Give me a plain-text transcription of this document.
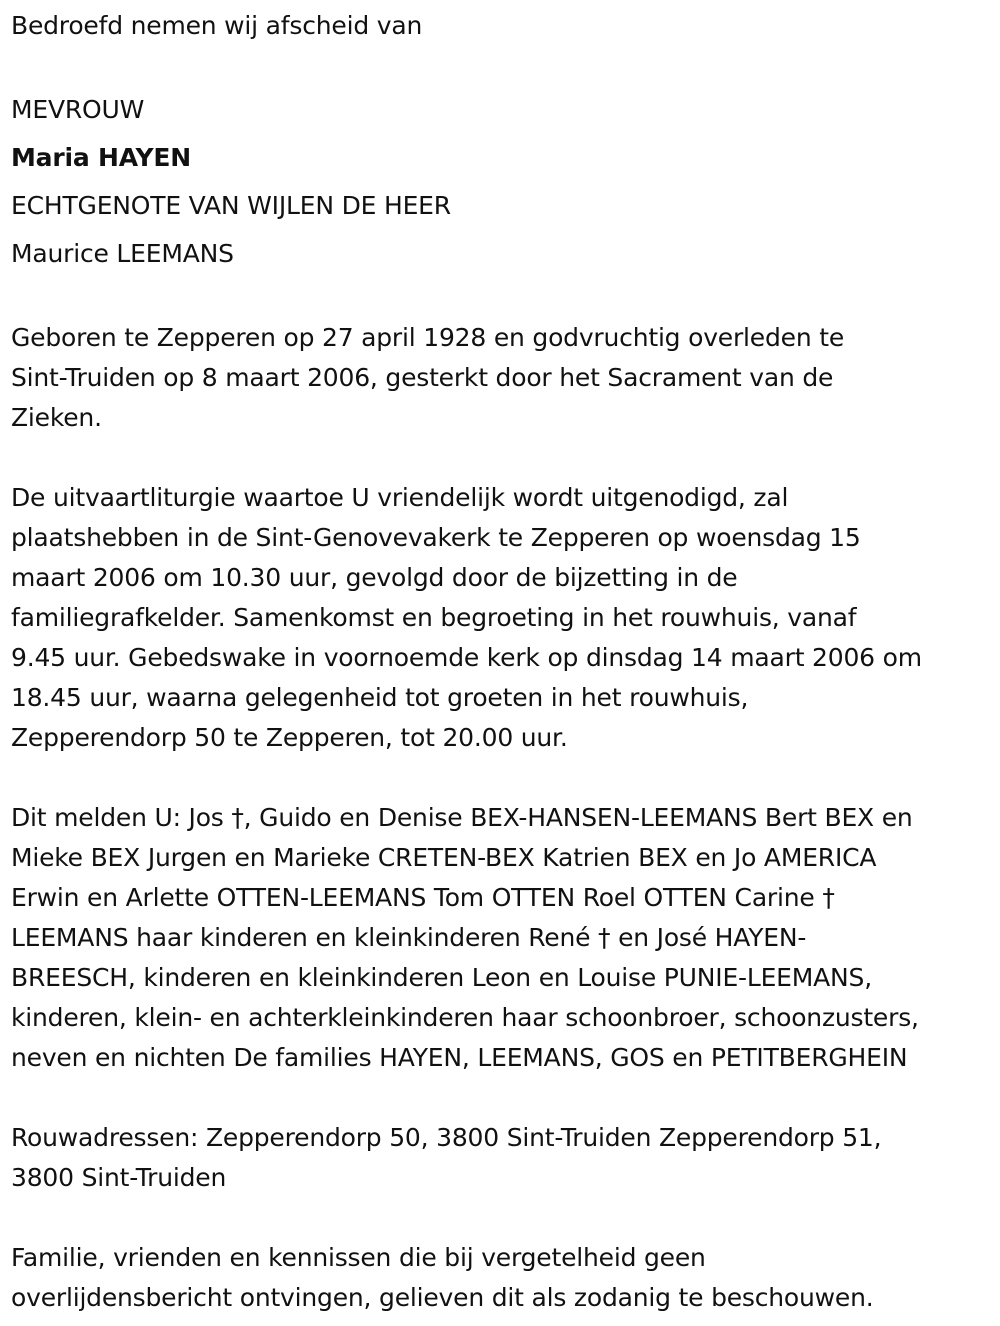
Bedroefd nemen wij afscheid van
MEVROUW
Maria HAYEN
ECHTGENOTE VAN WIJLEN DE HEER
Maurice LEEMANS
Geboren te Zepperen op 27 april 1928 en godvruchtig overleden te
Sint-Truiden op 8 maart 2006, gesterkt door het Sacrament van de
Zieken.
De uitvaartliturgie waartoe U vriendelijk wordt uitgenodigd, zal
plaatshebben in de Sint-Genovevakerk te Zepperen op woensdag 15
maart 2006 om 10.30 uur, gevolgd door de bijzetting in de
familiegrafkelder. Samenkomst en begroeting in het rouwhuis, vanaf
9.45 uur. Gebedswake in voornoemde kerk op dinsdag 14 maart 2006 om
18.45 uur, waarna gelegenheid tot groeten in het rouwhuis,
Zepperendorp 50 te Zepperen, tot 20.00 uur.
Dit melden U: Jos †, Guido en Denise BEX-HANSEN-LEEMANS Bert BEX en
Mieke BEX Jurgen en Marieke CRETEN-BEX Katrien BEX en Jo AMERICA
Erwin en Arlette OTTEN-LEEMANS Tom OTTEN Roel OTTEN Carine †
LEEMANS haar kinderen en kleinkinderen René † en José HAYEN-
BREESCH, kinderen en kleinkinderen Leon en Louise PUNIE-LEEMANS,
kinderen, klein- en achterkleinkinderen haar schoonbroer, schoonzusters,
neven en nichten De families HAYEN, LEEMANS, GOS en PETITBERGHEIN
Rouwadressen: Zepperendorp 50, 3800 Sint-Truiden Zepperendorp 51,
3800 Sint-Truiden
Familie, vrienden en kennissen die bij vergetelheid geen
overlijdensbericht ontvingen, gelieven dit als zodanig te beschouwen.
